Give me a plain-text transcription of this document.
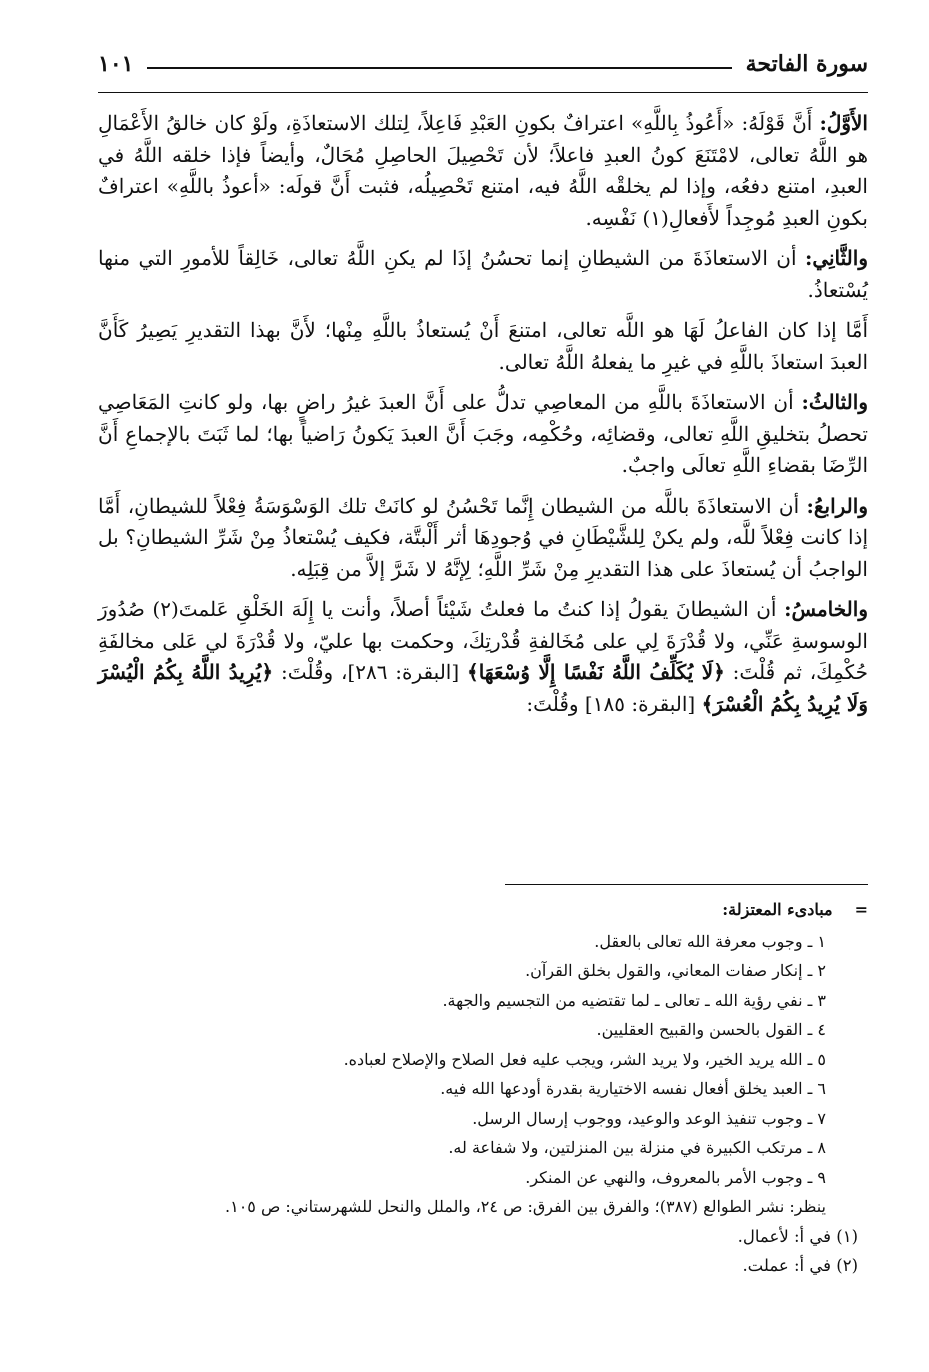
سورة الفاتحة
١٠١

الأَوَّلُ: أَنَّ قَوْلَهُ: «أَعُوذُ بِاللَّهِ» اعترافٌ بكونِ العَبْدِ فَاعِلاً، لِتلك الاستعاذَةِ، ولَوْ كان خالقُ الأَعْمَالِ هو اللَّهُ تعالى، لامْتَنَعَ كونُ العبدِ فاعلاً؛ لأن تَحْصِيلَ الحاصِلِ مُحَالٌ، وأيضاً فإذا خلقه اللَّهُ في العبدِ، امتنع دفعُه، وإذا لم يخلقْه اللَّهُ فيه، امتنع تَحْصِيلُه، فثبت أَنَّ قولَه: «أعوذُ باللَّهِ» اعترافٌ بكونِ العبدِ مُوجِداً لأَفعالِ(١) نَفْسِه.

والثَّانِي: أن الاستعاذَةَ من الشيطانِ إنما تحسُنُ إذَا لم يكنِ اللَّهُ تعالى، خَالِقاً للأمورِ التي منها يُسْتعاذُ.

أَمَّا إذا كان الفاعلُ لَهَا هو اللَّه تعالى، امتنعَ أَنْ يُستعاذُ باللَّهِ مِنْها؛ لأَنَّ بهذا التقديرِ يَصِيرُ كَأَنَّ العبدَ استعاذَ باللَّهِ في غيرِ ما يفعلهُ اللَّهُ تعالى.

والثالثُ: أن الاستعاذَةَ باللَّهِ من المعاصِي تدلُّ على أَنَّ العبدَ غيرُ راضٍ بها، ولو كانتِ المَعَاصِي تحصلُ بتخليقِ اللَّهِ تعالى، وقضائِه، وحُكْمِه، وجَبَ أَنَّ العبدَ يَكونُ رَاضياً بها؛ لما ثَبَتَ بالإجماعِ أَنَّ الرِّضَا بقضاءِ اللَّهِ تعالَى واجبٌ.

والرابعُ: أن الاستعاذَةَ باللَّه من الشيطان إِنَّما تَحْسُنُ لو كانَتْ تلك الوَسْوَسَةُ فِعْلاً للشيطانِ، أَمَّا إذا كانت فِعْلاً للَّه، ولم يكنْ لِلشَّيْطَانِ في وُجودِهَا أثر أَلْبتَّة، فكيف يُسْتعاذُ مِنْ شَرِّ الشيطانِ؟ بل الواجبُ أن يُستعاذَ على هذا التقديرِ مِنْ شَرِّ اللَّهِ؛ لِإنَّهُ لا شَرَّ إلاَّ من قِبَلِه.

والخامسُ: أن الشيطانَ يقولُ إذا كنتُ ما فعلتُ شَيْئاً أصلاً، وأنت يا إِلَهَ الخَلْقِ عَلمتَ(٢) صُدُورَ الوسوسةِ عَنِّي، ولا قُدْرَةَ لِي على مُخَالفةِ قُدْرتِكَ، وحكمت بها عليّ، ولا قُدْرَةَ لي عَلى مخالفَةِ حُكْمِكَ، ثم قُلْتَ: ﴿لَا يُكَلِّفُ اللَّهُ نَفْسًا إِلَّا وُسْعَهَا﴾ [البقرة: ٢٨٦]، وقُلْتَ: ﴿يُرِيدُ اللَّهُ بِكُمُ الْيُسْرَ وَلَا يُرِيدُ بِكُمُ الْعُسْرَ﴾ [البقرة: ١٨٥] وقُلْتَ:

=
مبادىء المعتزلة:
١ ـ وجوب معرفة الله تعالى بالعقل.
٢ ـ إنكار صفات المعاني، والقول بخلق القرآن.
٣ ـ نفي رؤية الله ـ تعالى ـ لما تقتضيه من التجسيم والجهة.
٤ ـ القول بالحسن والقبيح العقليين.
٥ ـ الله يريد الخير، ولا يريد الشر، ويجب عليه فعل الصلاح والإصلاح لعباده.
٦ ـ العبد يخلق أفعال نفسه الاختيارية بقدرة أودعها الله فيه.
٧ ـ وجوب تنفيذ الوعد والوعيد، ووجوب إرسال الرسل.
٨ ـ مرتكب الكبيرة في منزلة بين المنزلتين، ولا شفاعة له.
٩ ـ وجوب الأمر بالمعروف، والنهي عن المنكر.

ينظر: نشر الطوالع (٣٨٧)؛ والفرق بين الفرق: ص ٢٤، والملل والنحل للشهرستاني: ص ١٠٥.

(١) في أ: لأعمال.

(٢) في أ: عملت.
